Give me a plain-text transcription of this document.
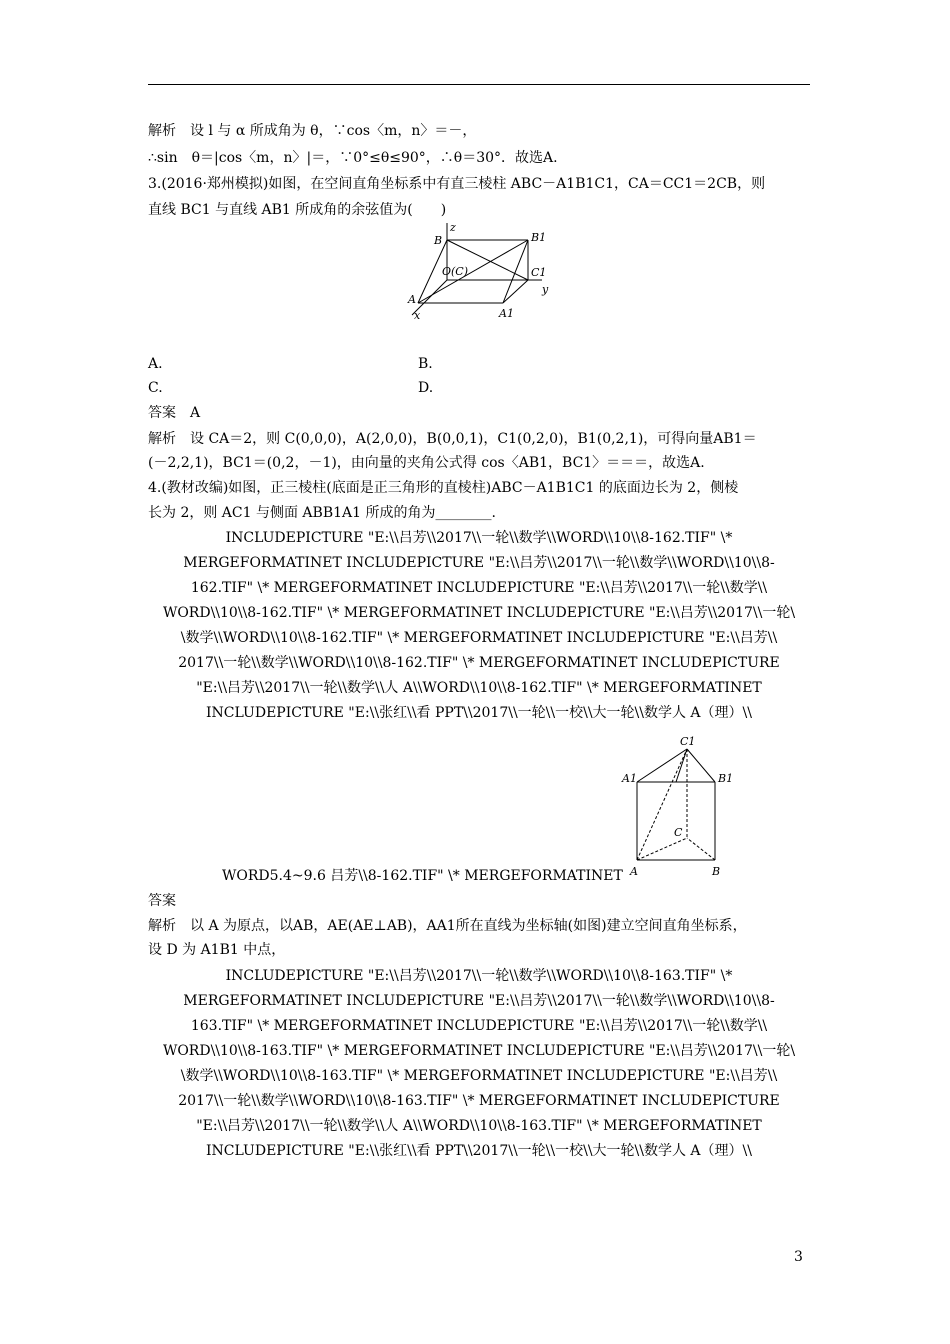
解析　设 l 与 α 所成角为 θ，∵cos〈m，n〉＝－，
∴sin　θ＝|cos〈m，n〉|＝，∵0°≤θ≤90°，∴θ＝30°．故选A.
3.(2016·郑州模拟)如图，在空间直角坐标系中有直三棱柱 ABC－A1B1C1，CA＝CC1＝2CB，则
直线 BC1 与直线 AB1 所成角的余弦值为(　　)
B
z
B1
O(C)	C1
y
A
x	A1
A.	B.
C.	D.
答案　A
解析　设 CA＝2，则 C(0,0,0)，A(2,0,0)，B(0,0,1)，C1(0,2,0)，B1(0,2,1)，可得向量AB1＝
(－2,2,1)，BC1＝(0,2，－1)，由向量的夹角公式得 cos〈AB1，BC1〉＝＝＝，故选A.
4.(教材改编)如图，正三棱柱(底面是正三角形的直棱柱)ABC－A1B1C1 的底面边长为 2，侧棱
长为 2，则 AC1 与侧面 ABB1A1 所成的角为________.
INCLUDEPICTURE "E:\\吕芳\\2017\\一轮\\数学\\WORD\\10\\8-162.TIF" \*
MERGEFORMATINET INCLUDEPICTURE "E:\\吕芳\\2017\\一轮\\数学\\WORD\\10\\8-
162.TIF" \* MERGEFORMATINET INCLUDEPICTURE "E:\\吕芳\\2017\\一轮\\数学\\
WORD\\10\\8-162.TIF" \* MERGEFORMATINET INCLUDEPICTURE "E:\\吕芳\\2017\\一轮\
\数学\\WORD\\10\\8-162.TIF" \* MERGEFORMATINET INCLUDEPICTURE "E:\\吕芳\\
2017\\一轮\\数学\\WORD\\10\\8-162.TIF" \* MERGEFORMATINET INCLUDEPICTURE
"E:\\吕芳\\2017\\一轮\\数学\\人 A\\WORD\\10\\8-162.TIF" \* MERGEFORMATINET
INCLUDEPICTURE "E:\\张红\\看 PPT\\2017\\一轮\\一校\\大一轮\\数学人 A（理）\\
C1
A1	B1
C
A	B
WORD5.4~9.6 吕芳\\8-162.TIF" \* MERGEFORMATINET
答案
解析　以 A 为原点，以AB，AE(AE⊥AB)，AA1所在直线为坐标轴(如图)建立空间直角坐标系，
设 D 为 A1B1 中点，
INCLUDEPICTURE "E:\\吕芳\\2017\\一轮\\数学\\WORD\\10\\8-163.TIF" \*
MERGEFORMATINET INCLUDEPICTURE "E:\\吕芳\\2017\\一轮\\数学\\WORD\\10\\8-
163.TIF" \* MERGEFORMATINET INCLUDEPICTURE "E:\\吕芳\\2017\\一轮\\数学\\
WORD\\10\\8-163.TIF" \* MERGEFORMATINET INCLUDEPICTURE "E:\\吕芳\\2017\\一轮\
\数学\\WORD\\10\\8-163.TIF" \* MERGEFORMATINET INCLUDEPICTURE "E:\\吕芳\\
2017\\一轮\\数学\\WORD\\10\\8-163.TIF" \* MERGEFORMATINET INCLUDEPICTURE
"E:\\吕芳\\2017\\一轮\\数学\\人 A\\WORD\\10\\8-163.TIF" \* MERGEFORMATINET
INCLUDEPICTURE "E:\\张红\\看 PPT\\2017\\一轮\\一校\\大一轮\\数学人 A（理）\\
3
